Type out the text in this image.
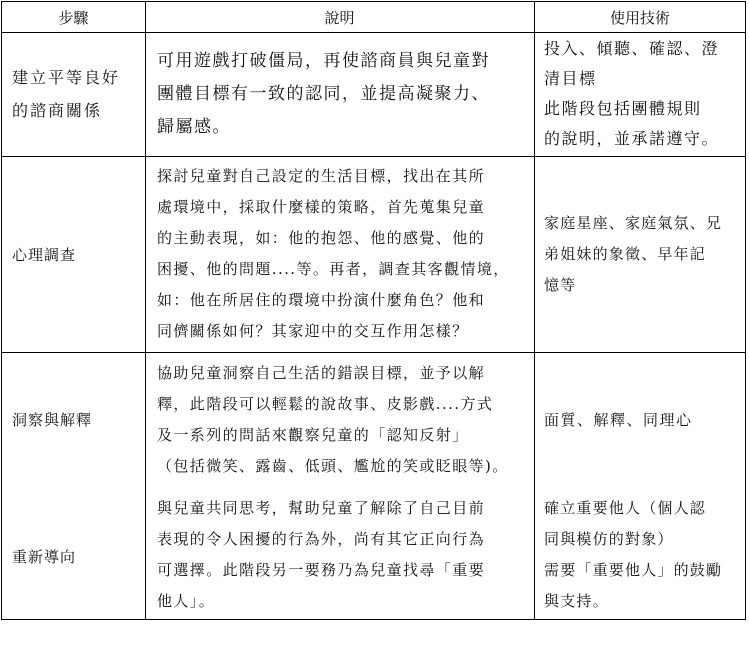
步驟	說明	使用技術
建立平等良好
的諮商關係
可用遊戲打破僵局，再使諮商員與兒童對
團體目標有一致的認同，並提高凝聚力、
歸屬感。
投入、傾聽、確認、澄
清目標
此階段包括團體規則
的說明，並承諾遵守。
心理調查
探討兒童對自己設定的生活目標，找出在其所
處環境中，採取什麼樣的策略，首先蒐集兒童
的主動表現，如：他的抱怨、他的感覺、他的
困擾、他的問題....等。再者，調查其客觀情境，
如：他在所居住的環境中扮演什麼角色？他和
同儕關係如何？其家迎中的交互作用怎樣？
家庭星座、家庭氣氛、兄
弟姐妹的象徵、早年記
憶等
洞察與解釋
協助兒童洞察自己生活的錯誤目標，並予以解
釋，此階段可以輕鬆的說故事、皮影戲....方式
及一系列的問話來觀察兒童的「認知反射」
（包括微笑、露齒、低頭、尷尬的笑或眨眼等)。
面質、解釋、同理心
重新導向
與兒童共同思考，幫助兒童了解除了自己目前
表現的令人困擾的行為外，尚有其它正向行為
可選擇。此階段另一要務乃為兒童找尋「重要
他人」。
確立重要他人（個人認
同與模仿的對象）
需要「重要他人」的鼓勵
與支持。
